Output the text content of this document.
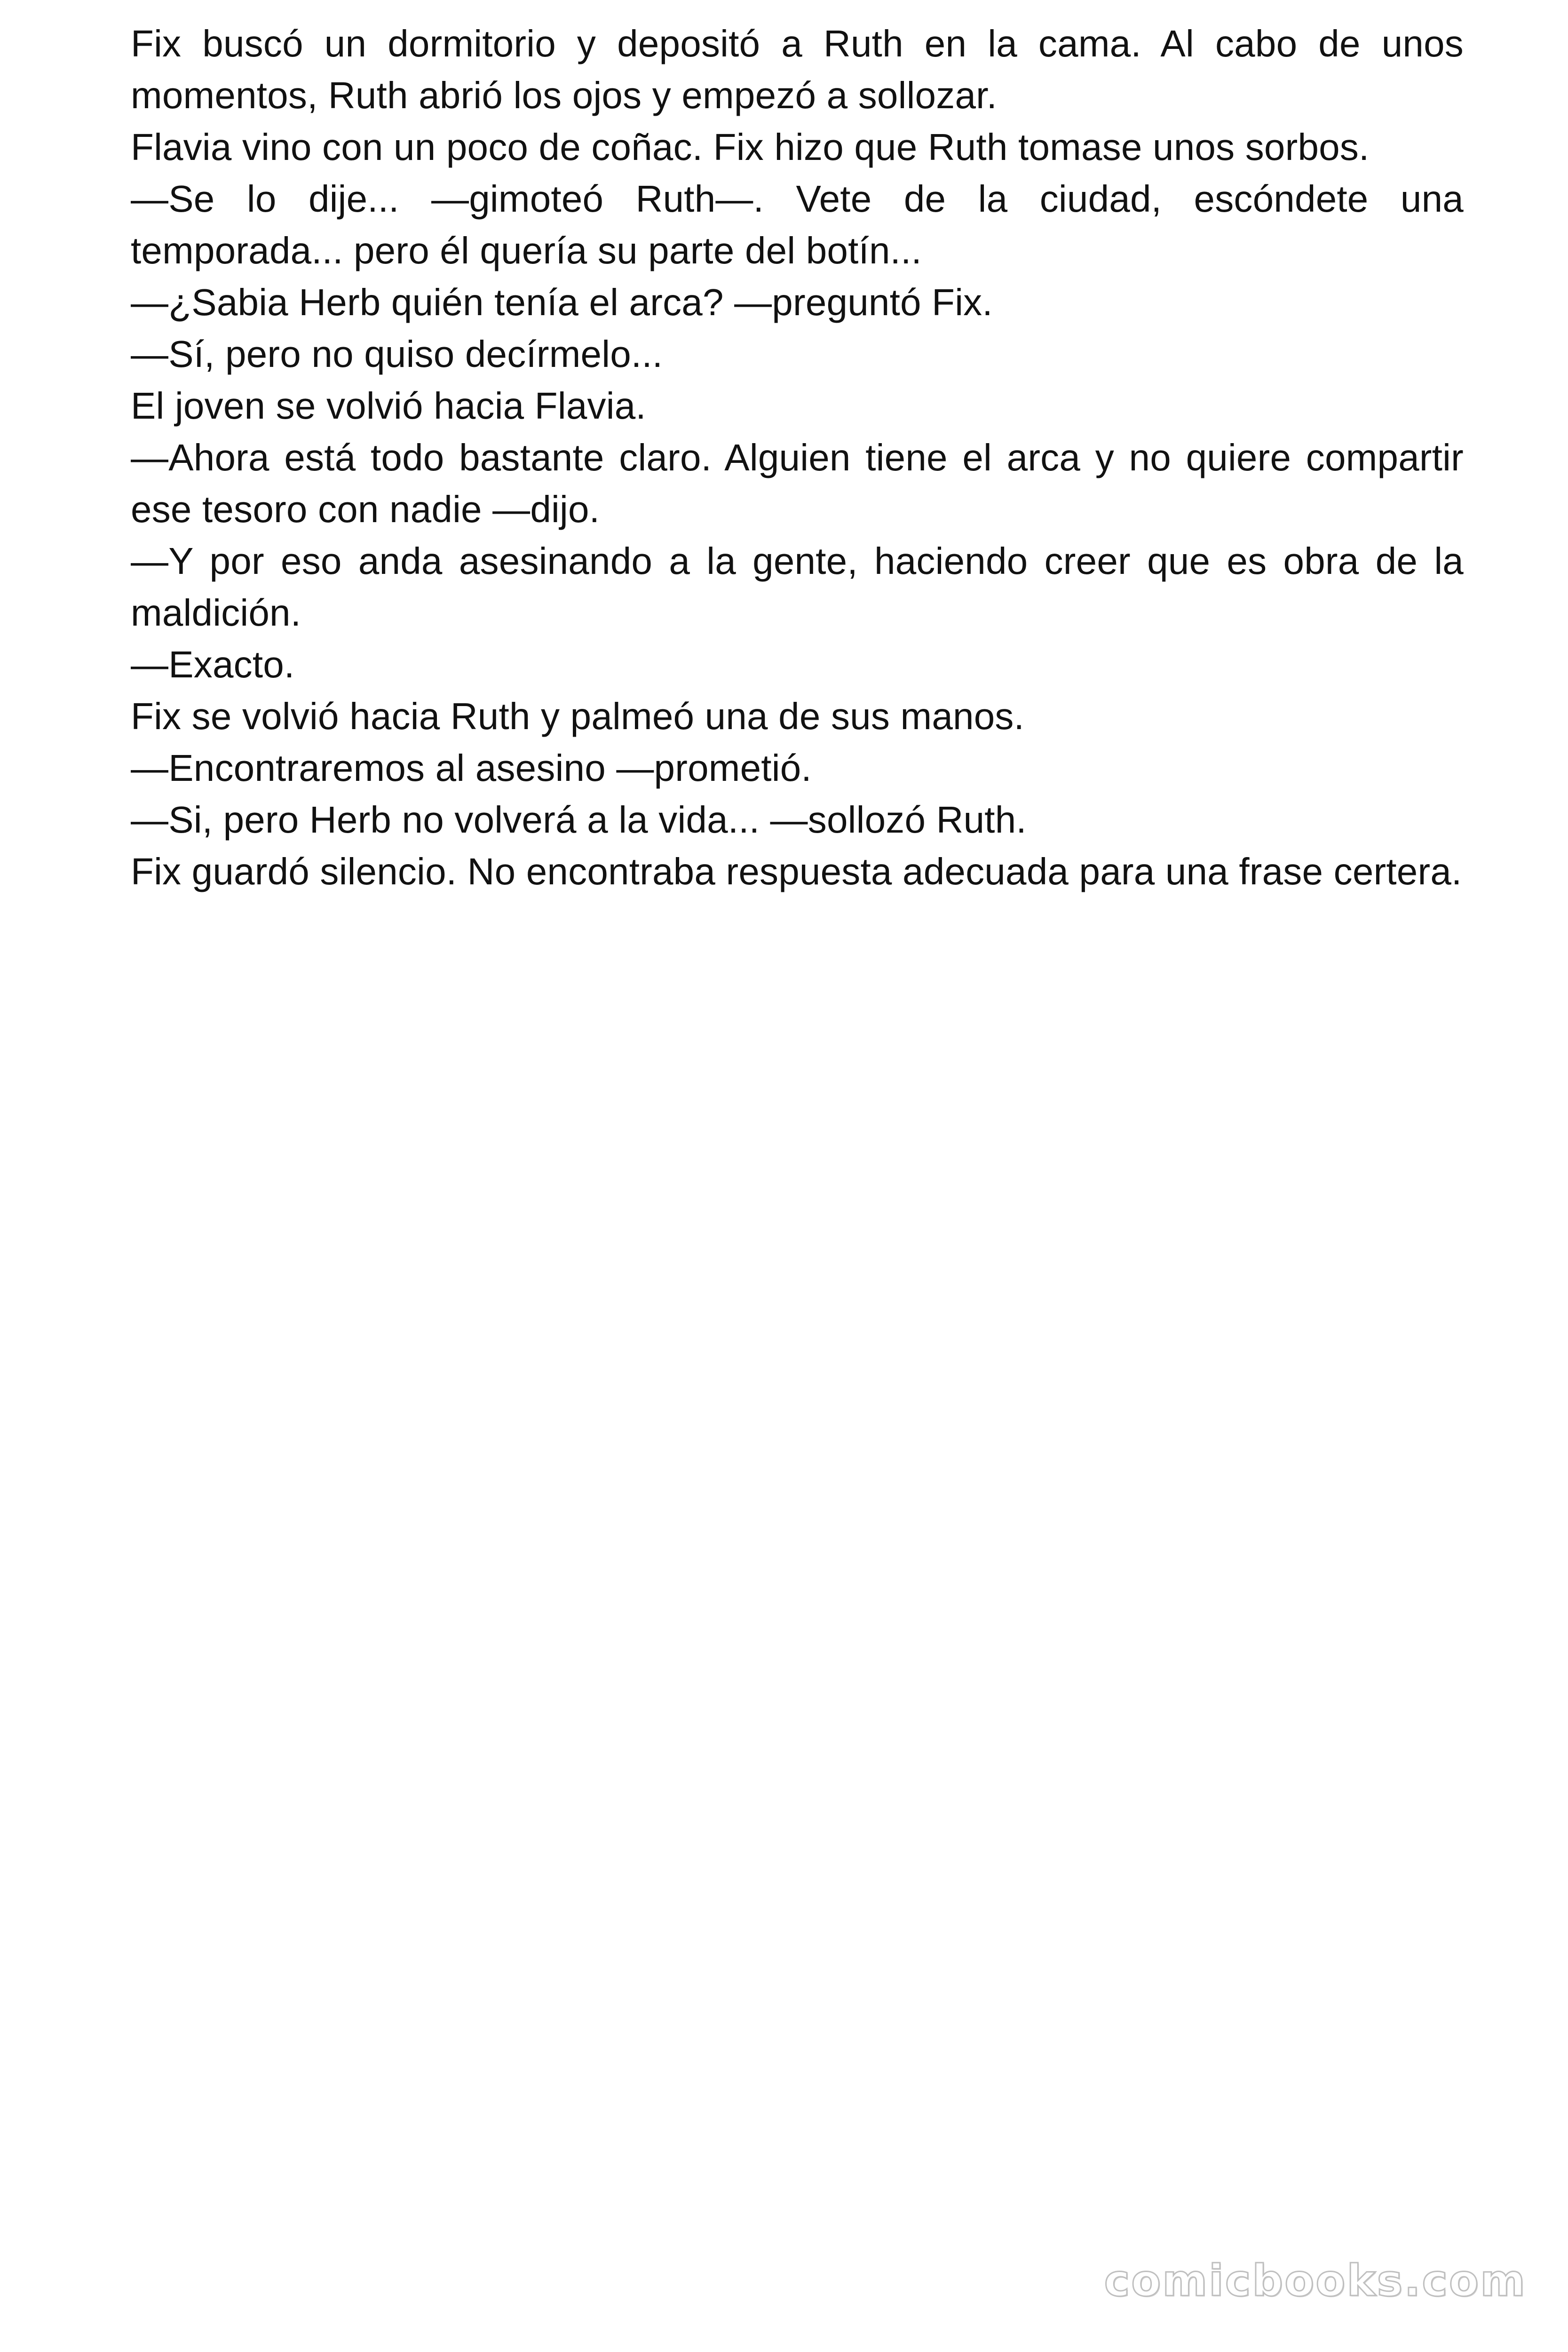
Fix buscó un dormitorio y depositó a Ruth en la cama. Al cabo de unos momentos, Ruth abrió los ojos y empezó a sollozar.

Flavia vino con un poco de coñac. Fix hizo que Ruth tomase unos sorbos.

—Se lo dije... —gimoteó Ruth—. Vete de la ciudad, escóndete una temporada... pero él quería su parte del botín...

—¿Sabia Herb quién tenía el arca? —preguntó Fix.

—Sí, pero no quiso decírmelo...

El joven se volvió hacia Flavia.

—Ahora está todo bastante claro. Alguien tiene el arca y no quiere compartir ese tesoro con nadie —dijo.

—Y por eso anda asesinando a la gente, haciendo creer que es obra de la maldición.

—Exacto.

Fix se volvió hacia Ruth y palmeó una de sus manos.

—Encontraremos al asesino —prometió.

—Si, pero Herb no volverá a la vida... —sollozó Ruth.

Fix guardó silencio. No encontraba respuesta adecuada para una frase certera.

comicbooks.com
